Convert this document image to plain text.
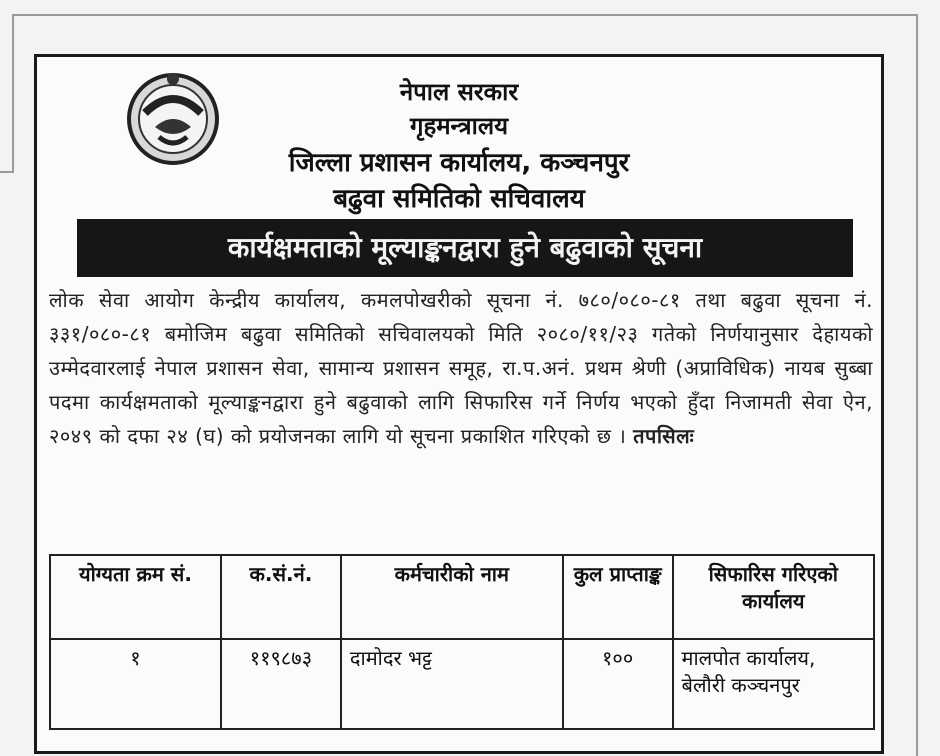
नेपाल सरकार
गृहमन्त्रालय
जिल्ला प्रशासन कार्यालय, कञ्चनपुर
बढुवा समितिको सचिवालय
कार्यक्षमताको मूल्याङ्कनद्वारा हुने बढुवाको सूचना
लोक सेवा आयोग केन्द्रीय कार्यालय, कमलपोखरीको सूचना नं. ७८०/०८०-८१ तथा बढुवा सूचना नं. ३३१/०८०-८१ बमोजिम बढुवा समितिको सचिवालयको मिति २०८०/११/२३ गतेको निर्णयानुसार देहायको उम्मेदवारलाई नेपाल प्रशासन सेवा, सामान्य प्रशासन समूह, रा.प.अनं. प्रथम श्रेणी (अप्राविधिक) नायब सुब्बा पदमा कार्यक्षमताको मूल्याङ्कनद्वारा हुने बढुवाको लागि सिफारिस गर्ने निर्णय भएको हुँदा निजामती सेवा ऐन, २०४९ को दफा २४ (घ) को प्रयोजनका लागि यो सूचना प्रकाशित गरिएको छ । तपसिलः
योग्यता क्रम सं.	क.सं.नं.	कर्मचारीको नाम	कुल प्राप्ताङ्क	सिफारिस गरिएको कार्यालय
१	११९८७३	दामोदर भट्ट	१००	मालपोत कार्यालय, बेलौरी कञ्चनपुर
